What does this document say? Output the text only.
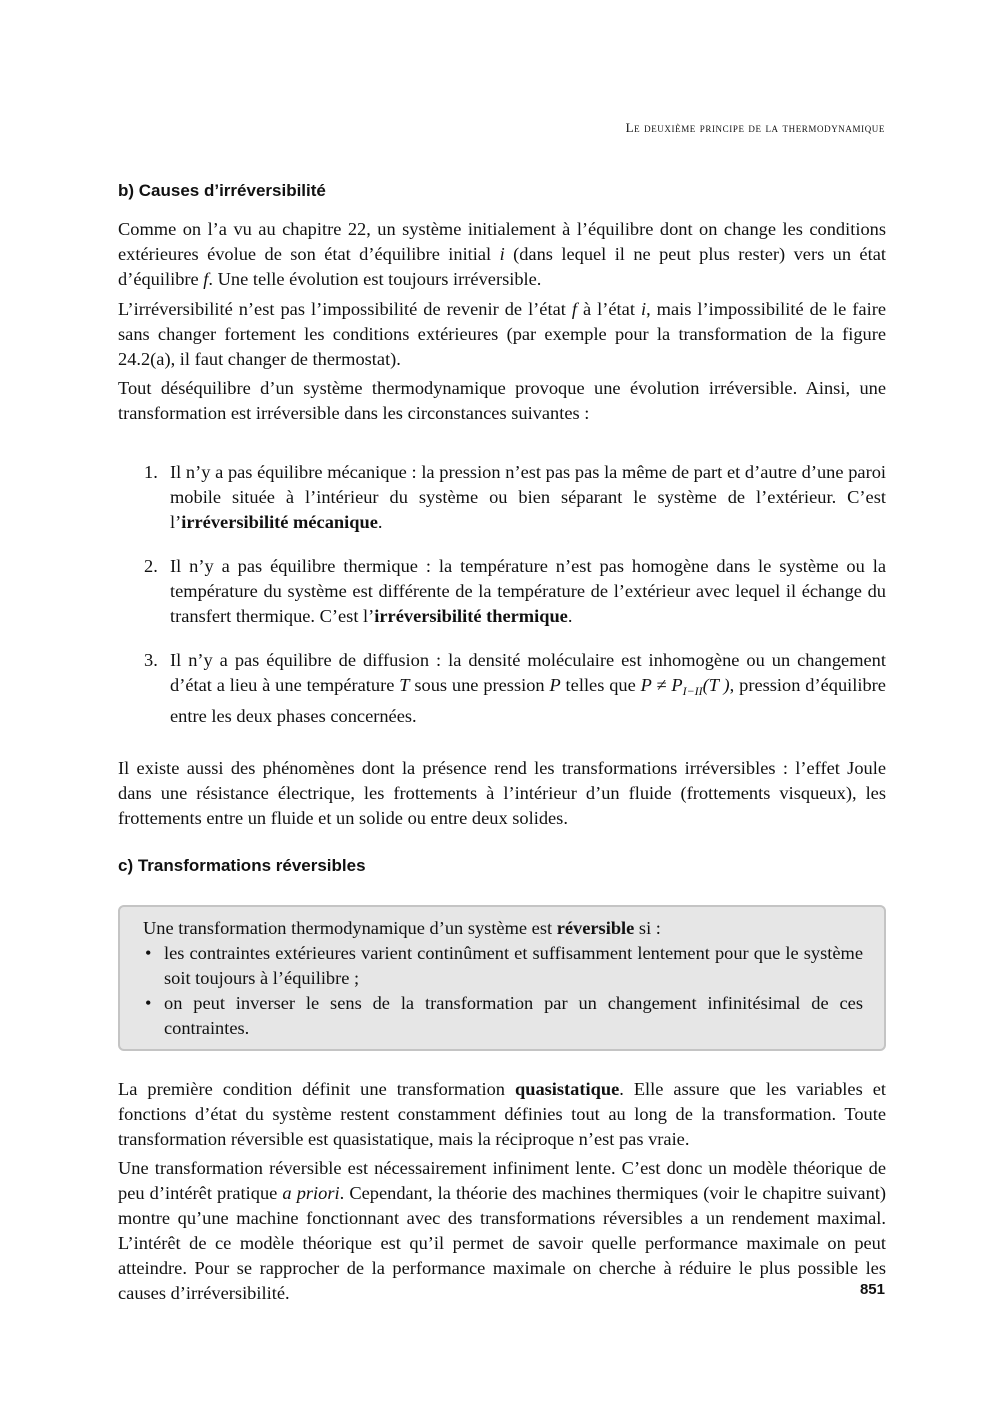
Le deuxième principe de la thermodynamique
b) Causes d’irréversibilité

Comme on l’a vu au chapitre 22, un système initialement à l’équilibre dont on change les conditions extérieures évolue de son état d’équilibre initial i (dans lequel il ne peut plus rester) vers un état d’équilibre f. Une telle évolution est toujours irréversible.

L’irréversibilité n’est pas l’impossibilité de revenir de l’état f à l’état i, mais l’impossibilité de le faire sans changer fortement les conditions extérieures (par exemple pour la transformation de la figure 24.2(a), il faut changer de thermostat).

Tout déséquilibre d’un système thermodynamique provoque une évolution irréversible. Ainsi, une transformation est irréversible dans les circonstances suivantes :

1. Il n’y a pas équilibre mécanique : la pression n’est pas pas la même de part et d’autre d’une paroi mobile située à l’intérieur du système ou bien séparant le système de l’extérieur. C’est l’irréversibilité mécanique.
2. Il n’y a pas équilibre thermique : la température n’est pas homogène dans le système ou la température du système est différente de la température de l’extérieur avec lequel il échange du transfert thermique. C’est l’irréversibilité thermique.
3. Il n’y a pas équilibre de diffusion : la densité moléculaire est inhomogène ou un changement d’état a lieu à une température T sous une pression P telles que $P \ne P_{I-II}(T$ ), pression d’équilibre entre les deux phases concernées.

Il existe aussi des phénomènes dont la présence rend les transformations irréversibles : l’effet Joule dans une résistance électrique, les frottements à l’intérieur d’un fluide (frottements visqueux), les frottements entre un fluide et un solide ou entre deux solides.

c) Transformations réversibles

Une transformation thermodynamique d’un système est réversible si :

• les contraintes extérieures varient continûment et suffisamment lentement pour que le système soit toujours à l’équilibre ;
• on peut inverser le sens de la transformation par un changement infinitésimal de ces contraintes.

La première condition définit une transformation quasistatique. Elle assure que les variables et fonctions d’état du système restent constamment définies tout au long de la transformation. Toute transformation réversible est quasistatique, mais la réciproque n’est pas vraie.

Une transformation réversible est nécessairement infiniment lente. C’est donc un modèle théorique de peu d’intérêt pratique a priori. Cependant, la théorie des machines thermiques (voir le chapitre suivant) montre qu’une machine fonctionnant avec des transformations réversibles a un rendement maximal. L’intérêt de ce modèle théorique est qu’il permet de savoir quelle performance maximale on peut atteindre. Pour se rapprocher de la performance maximale on cherche à réduire le plus possible les causes d’irréversibilité.	851
